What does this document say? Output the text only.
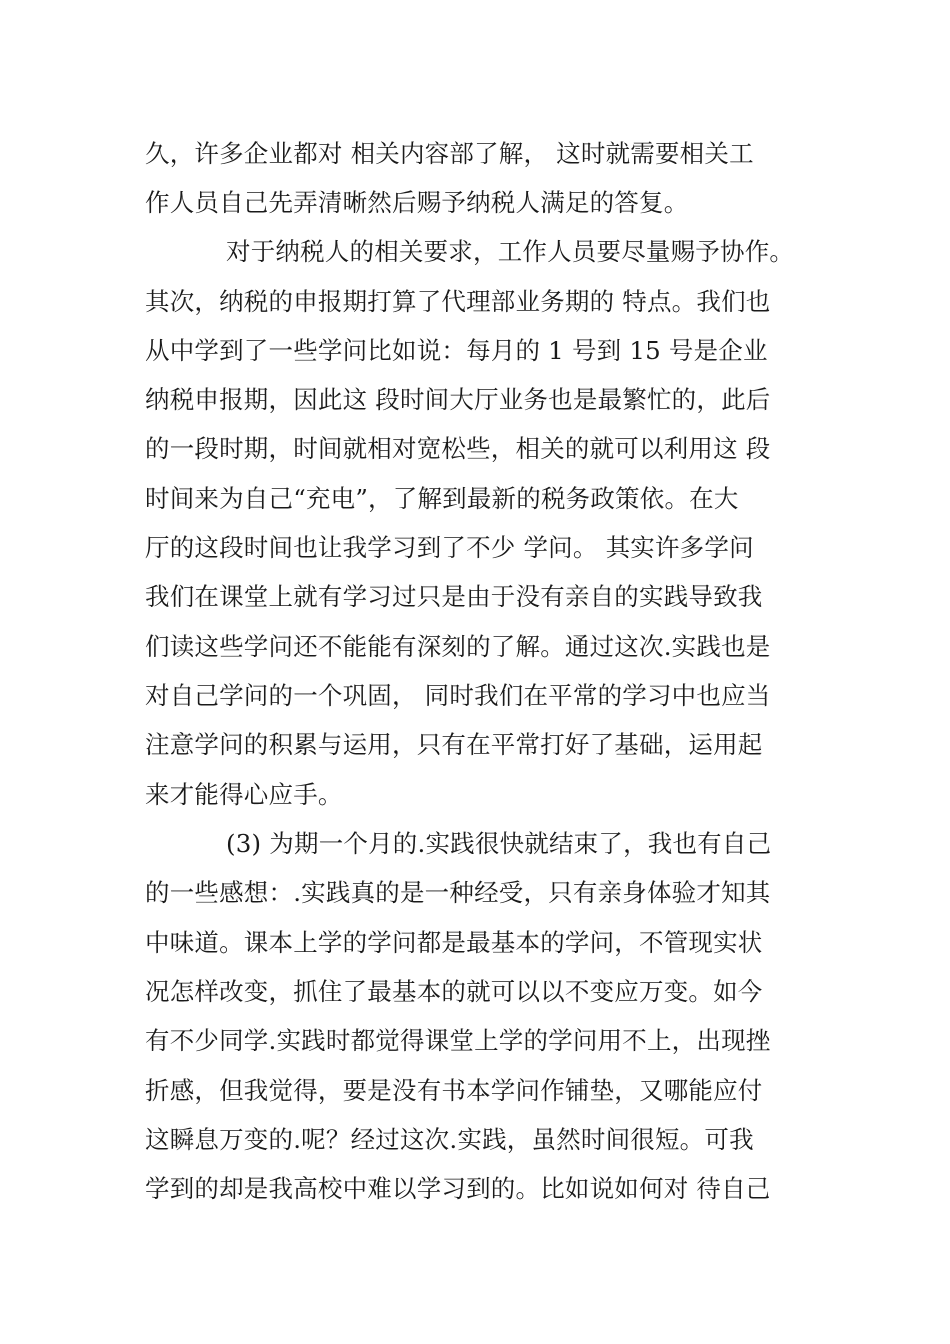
久，许多企业都对 相关内容部了解， 这时就需要相关工
作人员自己先弄清晰然后赐予纳税人满足的答复。
对于纳税人的相关要求，工作人员要尽量赐予协作。
其次，纳税的申报期打算了代理部业务期的 特点。我们也
从中学到了一些学问比如说：每月的 1 号到 15 号是企业
纳税申报期，因此这 段时间大厅业务也是最繁忙的，此后
的一段时期，时间就相对宽松些，相关的就可以利用这 段
时间来为自己“充电”，了解到最新的税务政策依。在大
厅的这段时间也让我学习到了不少 学问。 其实许多学问
我们在课堂上就有学习过只是由于没有亲自的实践导致我
们读这些学问还不能能有深刻的了解。通过这次.实践也是
对自己学问的一个巩固， 同时我们在平常的学习中也应当
注意学问的积累与运用，只有在平常打好了基础，运用起
来才能得心应手。
(3) 为期一个月的.实践很快就结束了，我也有自己
的一些感想：.实践真的是一种经受，只有亲身体验才知其
中味道。课本上学的学问都是最基本的学问，不管现实状
况怎样改变，抓住了最基本的就可以以不变应万变。如今
有不少同学.实践时都觉得课堂上学的学问用不上，出现挫
折感，但我觉得，要是没有书本学问作铺垫，又哪能应付
这瞬息万变的.呢？经过这次.实践，虽然时间很短。可我
学到的却是我高校中难以学习到的。比如说如何对 待自己
